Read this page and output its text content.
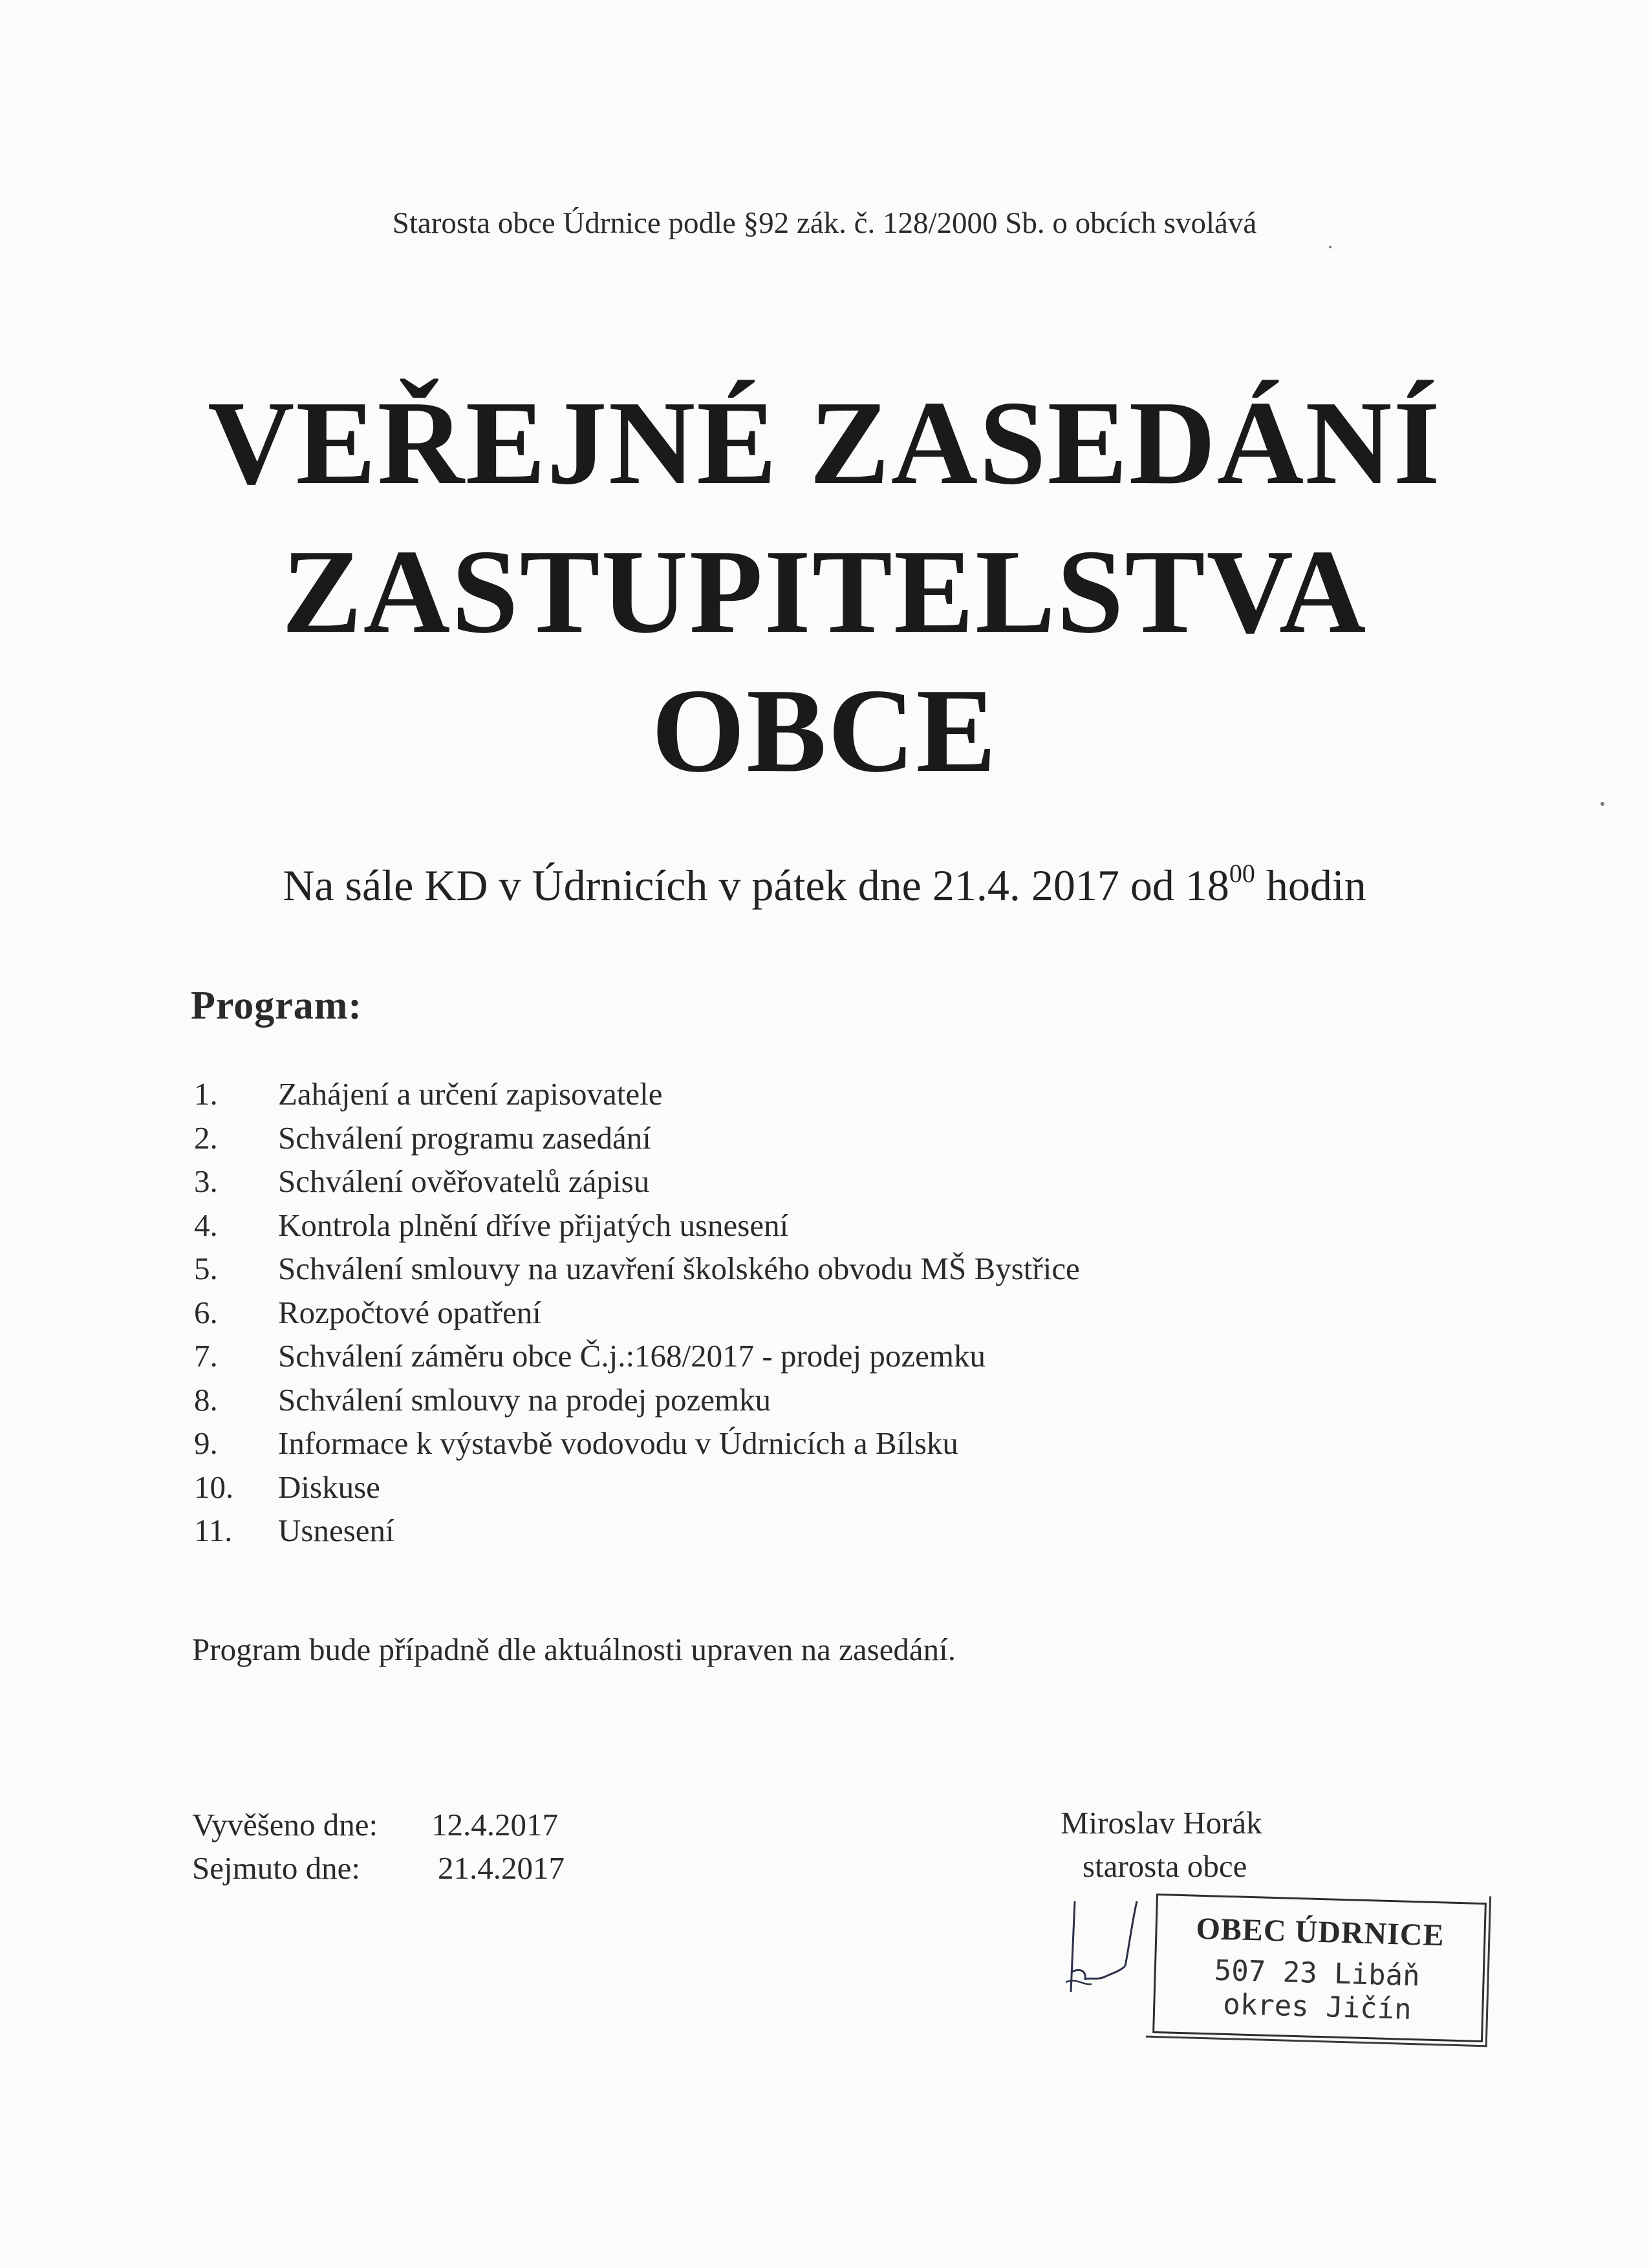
Starosta obce Údrnice podle §92 zák. č. 128/2000 Sb. o obcích svolává
VEŘEJNÉ ZASEDÁNÍ
ZASTUPITELSTVA
OBCE
Na sále KD v Údrnicích v pátek dne 21.4. 2017 od $18^{00}$ hodin
Program:
1. Zahájení a určení zapisovatele
2. Schválení programu zasedání
3. Schválení ověřovatelů zápisu
4. Kontrola plnění dříve přijatých usnesení
5. Schválení smlouvy na uzavření školského obvodu MŠ Bystřice
6. Rozpočtové opatření
7. Schválení záměru obce Č.j.:168/2017 - prodej pozemku
8. Schválení smlouvy na prodej pozemku
9. Informace k výstavbě vodovodu v Údrnicích a Bílsku
10. Diskuse
11. Usnesení
Program bude případně dle aktuálnosti upraven na zasedání.
Vyvěšeno dne: 12.4.2017
Sejmuto dne: 21.4.2017
Miroslav Horák
starosta obce
OBEC ÚDRNICE
507 23 Libáň
okres Jičín
